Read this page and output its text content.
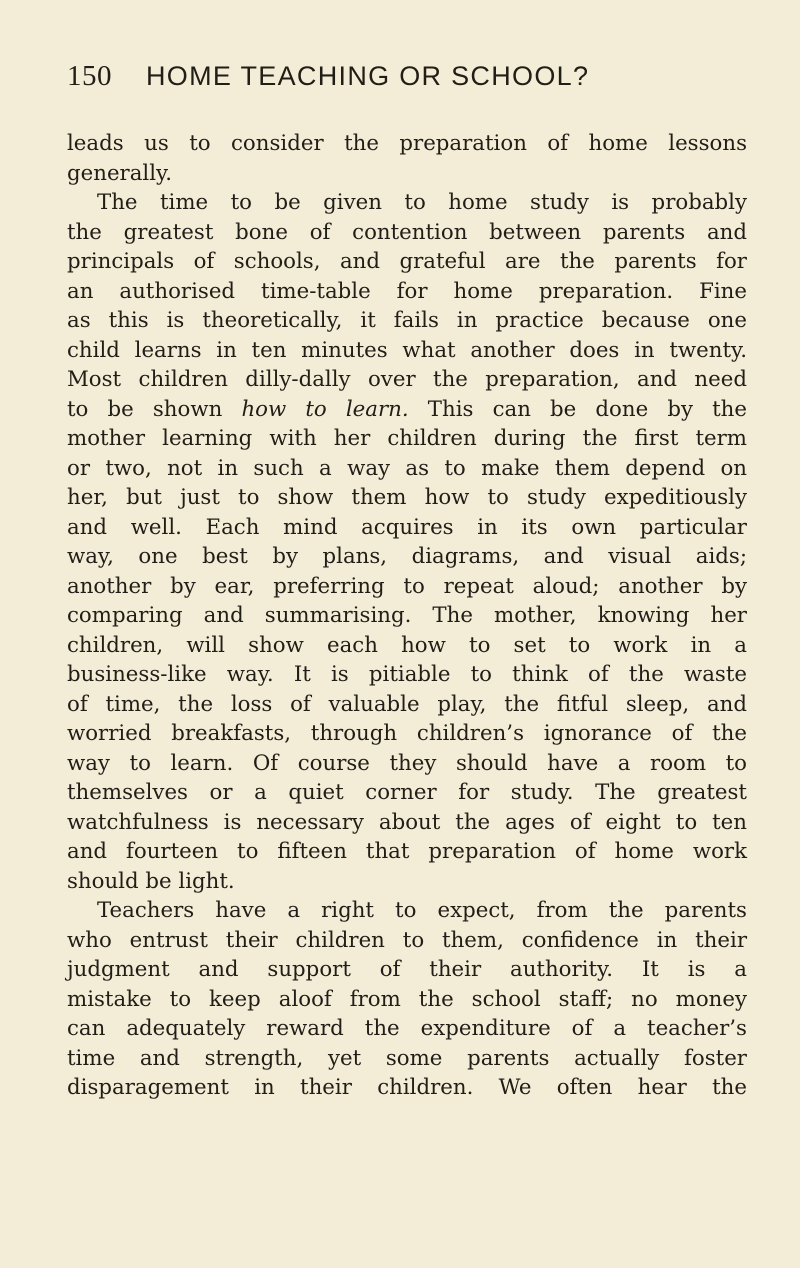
150 HOME TEACHING OR SCHOOL?
leads us to consider the preparation of home lessons
generally.
The time to be given to home study is probably
the greatest bone of contention between parents and
principals of schools, and grateful are the parents for
an authorised time-table for home preparation. Fine
as this is theoretically, it fails in practice because one
child learns in ten minutes what another does in twenty.
Most children dilly-dally over the preparation, and need
to be shown how to learn. This can be done by the
mother learning with her children during the first term
or two, not in such a way as to make them depend on
her, but just to show them how to study expeditiously
and well. Each mind acquires in its own particular
way, one best by plans, diagrams, and visual aids;
another by ear, preferring to repeat aloud; another by
comparing and summarising. The mother, knowing her
children, will show each how to set to work in a
business-like way. It is pitiable to think of the waste
of time, the loss of valuable play, the fitful sleep, and
worried breakfasts, through children’s ignorance of the
way to learn. Of course they should have a room to
themselves or a quiet corner for study. The greatest
watchfulness is necessary about the ages of eight to ten
and fourteen to fifteen that preparation of home work
should be light.
Teachers have a right to expect, from the parents
who entrust their children to them, confidence in their
judgment and support of their authority. It is a
mistake to keep aloof from the school staff; no money
can adequately reward the expenditure of a teacher’s
time and strength, yet some parents actually foster
disparagement in their children. We often hear the
